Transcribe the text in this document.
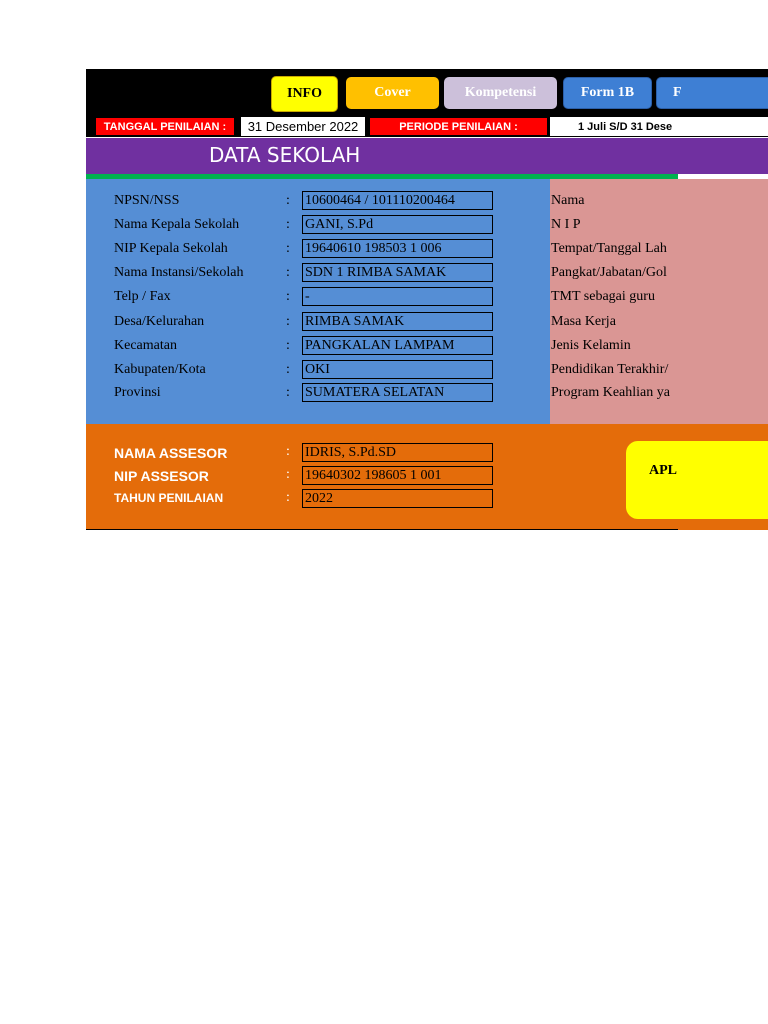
INFO	Cover	Kompetensi	Form 1B	F
TANGGAL PENILAIAN :	31 Desember 2022	PERIODE PENILAIAN :	1 Juli S/D 31 Dese
DATA SEKOLAH
NPSN/NSS	: 10600464 / 101110200464
Nama Kepala Sekolah	: GANI, S.Pd
NIP Kepala Sekolah	: 19640610 198503 1 006
Nama Instansi/Sekolah	: SDN 1 RIMBA SAMAK
Telp / Fax	: -
Desa/Kelurahan	: RIMBA SAMAK
Kecamatan	: PANGKALAN LAMPAM
Kabupaten/Kota	: OKI
Provinsi	: SUMATERA SELATAN
Nama
N I P
Tempat/Tanggal Lah
Pangkat/Jabatan/Gol
TMT sebagai guru
Masa Kerja
Jenis Kelamin
Pendidikan Terakhir/
Program Keahlian ya
NAMA ASSESOR	: IDRIS, S.Pd.SD
NIP ASSESOR	: 19640302 198605 1 001
TAHUN PENILAIAN	: 2022
APL
